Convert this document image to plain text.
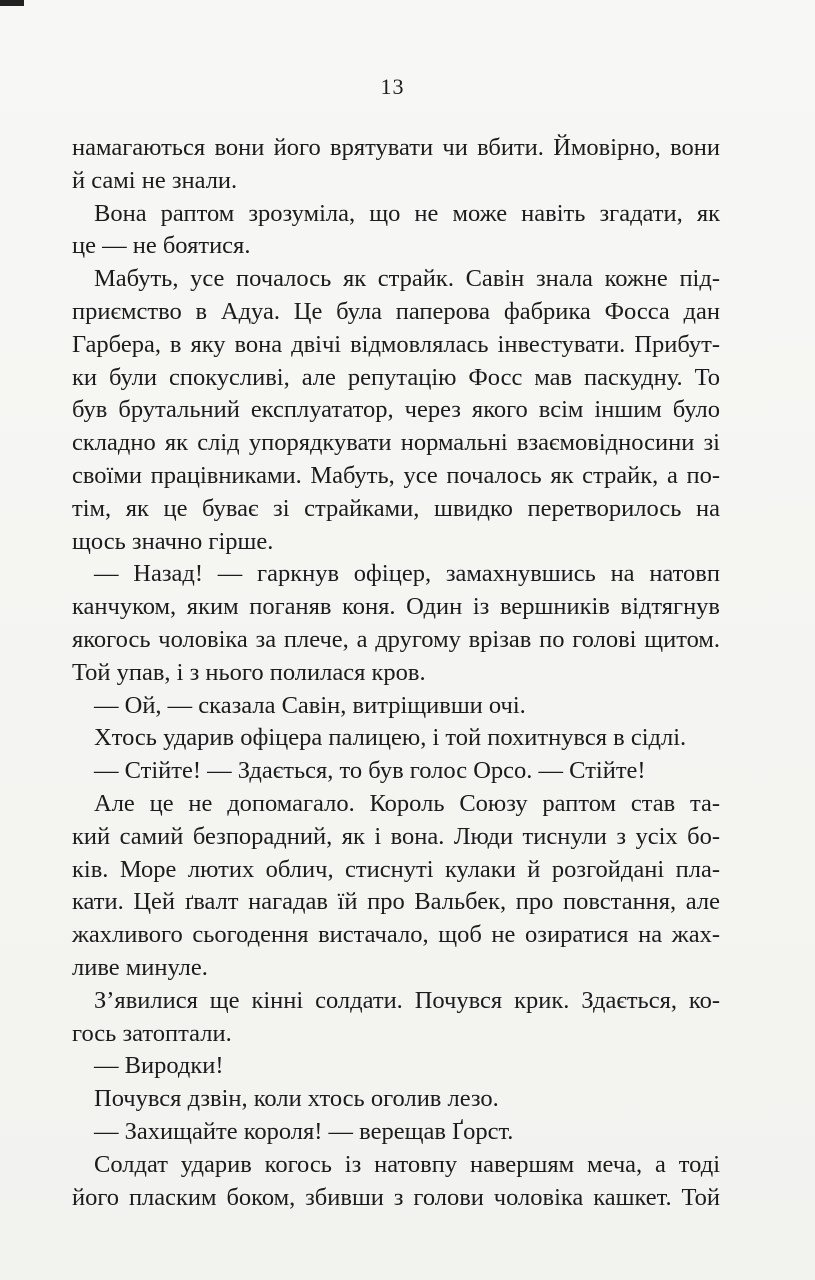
13
намагаються вони його врятувати чи вбити. Ймовірно, вони
й самі не знали.
Вона раптом зрозуміла, що не може навіть згадати, як
це — не боятися.
Мабуть, усе почалось як страйк. Савін знала кожне під-
приємство в Адуа. Це була паперова фабрика Фосса дан
Гарбера, в яку вона двічі відмовлялась інвестувати. Прибут-
ки були спокусливі, але репутацію Фосс мав паскудну. То
був брутальний експлуататор, через якого всім іншим було
складно як слід упорядкувати нормальні взаємовідносини зі
своїми працівниками. Мабуть, усе почалось як страйк, а по-
тім, як це буває зі страйками, швидко перетворилось на
щось значно гірше.
— Назад! — гаркнув офіцер, замахнувшись на натовп
канчуком, яким поганяв коня. Один із вершників відтягнув
якогось чоловіка за плече, а другому врізав по голові щитом.
Той упав, і з нього полилася кров.
— Ой, — сказала Савін, витріщивши очі.
Хтось ударив офіцера палицею, і той похитнувся в сідлі.
— Стійте! — Здається, то був голос Орсо. — Стійте!
Але це не допомагало. Король Союзу раптом став та-
кий самий безпорадний, як і вона. Люди тиснули з усіх бо-
ків. Море лютих облич, стиснуті кулаки й розгойдані пла-
кати. Цей ґвалт нагадав їй про Вальбек, про повстання, але
жахливого сьогодення вистачало, щоб не озиратися на жах-
ливе минуле.
З’явилися ще кінні солдати. Почувся крик. Здається, ко-
гось затоптали.
— Виродки!
Почувся дзвін, коли хтось оголив лезо.
— Захищайте короля! — верещав Ґорст.
Солдат ударив когось із натовпу навершям меча, а тоді
його пласким боком, збивши з голови чоловіка кашкет. Той
